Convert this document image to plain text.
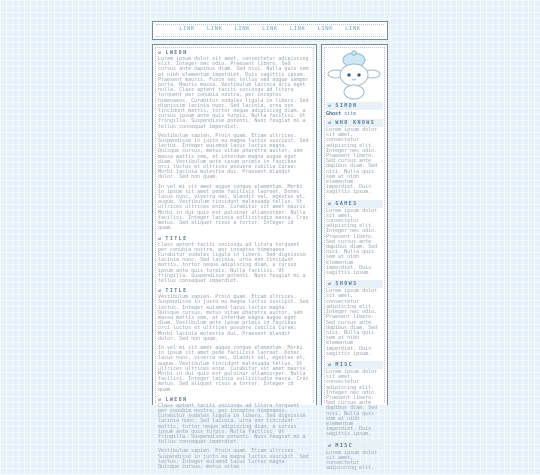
LINK LINK LINK LINK LINK LINK LINK
⇄ LWEON

Lorem ipsum dolor sit amet, consectetur adipiscing elit. Integer nec odio. Praesent libero. Sed cursus ante dapibus diam. Sed nisi. Nulla quis sem at nibh elementum imperdiet. Duis sagittis ipsum. Praesent mauris. Fusce nec tellus sed augue semper porta. Mauris massa. Vestibulum lacinia arcu eget nulla. Class aptent taciti sociosqu ad litora torquent per conubia nostra, per inceptos himenaeos. Curabitur sodales ligula in libero. Sed dignissim lacinia nunc. Sed lacinia, urna non tincidunt mattis, tortor neque adipiscing diam, a cursus ipsum ante quis turpis. Nulla facilisi. Ut fringilla. Suspendisse potenti. Nunc feugiat mi a tellus consequat imperdiet.

Vestibulum sapien. Proin quam. Etiam ultrices. Suspendisse in justo eu magna luctus suscipit. Sed lectus. Integer euismod lacus luctus magna. Quisque cursus, metus vitae pharetra auctor, sem massa mattis sem, at interdum magna augue eget diam. Vestibulum ante ipsum primis in faucibus orci luctus et ultrices posuere cubilia Curae; Morbi lacinia molestie dui. Praesent blandit dolor. Sed non quam.

In vel mi sit amet augue congue elementum. Morbi in ipsum sit amet pede facilisis laoreet. Donec lacus nunc, viverra nec, blandit vel, egestas et, augue. Vestibulum tincidunt malesuada tellus. Ut ultrices ultrices enim. Curabitur sit amet mauris. Morbi in dui quis est pulvinar ullamcorper. Nulla facilisi. Integer lacinia sollicitudin massa. Cras metus. Sed aliquet risus a tortor. Integer id quam.

⇄ TITLE

Class aptent taciti sociosqu ad litora torquent per conubia nostra, per inceptos himenaeos. Curabitur sodales ligula in libero. Sed dignissim lacinia nunc. Sed lacinia, urna non tincidunt mattis, tortor neque adipiscing diam, a cursus ipsum ante quis turpis. Nulla facilisi. Ut fringilla. Suspendisse potenti. Nunc feugiat mi a tellus consequat imperdiet.

⇄ TITLE

Vestibulum sapien. Proin quam. Etiam ultrices. Suspendisse in justo eu magna luctus suscipit. Sed lectus. Integer euismod lacus luctus magna. Quisque cursus, metus vitae pharetra auctor, sem massa mattis sem, at interdum magna augue eget diam. Vestibulum ante ipsum primis in faucibus orci luctus et ultrices posuere cubilia Curae; Morbi lacinia molestie dui. Praesent blandit dolor. Sed non quam.

In vel mi sit amet augue congue elementum. Morbi in ipsum sit amet pede facilisis laoreet. Donec lacus nunc, viverra nec, blandit vel, egestas et, augue. Vestibulum tincidunt malesuada tellus. Ut ultrices ultrices enim. Curabitur sit amet mauris. Morbi in dui quis est pulvinar ullamcorper. Nulla facilisi. Integer lacinia sollicitudin massa. Cras metus. Sed aliquet risus a tortor. Integer id quam.

⇄ LWEON

Class aptent taciti sociosqu ad litora torquent per conubia nostra, per inceptos himenaeos. Curabitur sodales ligula in libero. Sed dignissim lacinia nunc. Sed lacinia, urna non tincidunt mattis, tortor neque adipiscing diam, a cursus ipsum ante quis turpis. Nulla facilisi. Ut fringilla. Suspendisse potenti. Nunc feugiat mi a tellus consequat imperdiet.

Vestibulum sapien. Proin quam. Etiam ultrices. Suspendisse in justo eu magna luctus suscipit. Sed lectus. Integer euismod lacus luctus magna. Quisque cursus, metus vitae

⇄ SIMON
Ghost site
⇄ WHO KNOWS

Lorem ipsum dolor sit amet, consectetur adipiscing elit. Integer nec odio. Praesent libero. Sed cursus ante dapibus diam. Sed nisi. Nulla quis sem at nibh elementum imperdiet. Duis sagittis ipsum.

⇄ GAMES

Lorem ipsum dolor sit amet, consectetur adipiscing elit. Integer nec odio. Praesent libero. Sed cursus ante dapibus diam. Sed nisi. Nulla quis sem at nibh elementum imperdiet. Duis sagittis ipsum.

⇄ SHOWS

Lorem ipsum dolor sit amet, consectetur adipiscing elit. Integer nec odio. Praesent libero. Sed cursus ante dapibus diam. Sed nisi. Nulla quis sem at nibh elementum imperdiet. Duis sagittis ipsum.

⇄ MISC

Lorem ipsum dolor sit amet, consectetur adipiscing elit. Integer nec odio. Praesent libero. Sed cursus ante dapibus diam. Sed nisi. Nulla quis sem at nibh elementum imperdiet. Duis sagittis ipsum.

⇄ MISC

Lorem ipsum dolor sit amet, consectetur adipiscing elit.
